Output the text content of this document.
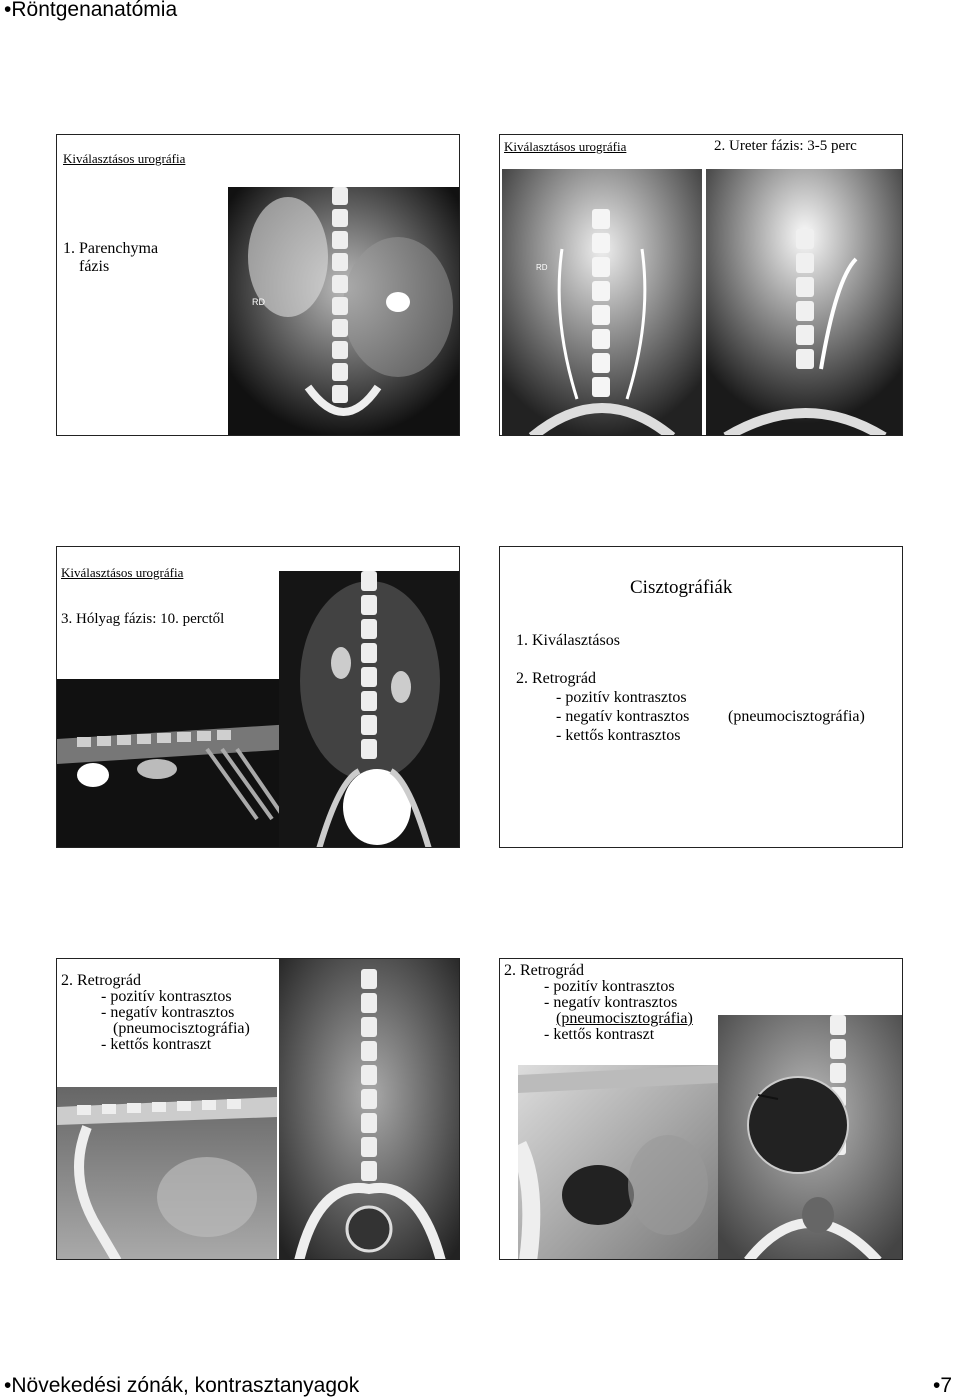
•Röntgenanatómia
Kiválasztásos urográfia
1. Parenchyma
fázis
RD
Kiválasztásos urográfia	2. Ureter fázis: 3-5 perc
RD
Kiválasztásos urográfia
3. Hólyag fázis: 10. perctől
Cisztográfiák
1. Kiválasztásos
2. Retrográd
- pozitív kontrasztos
- negatív kontrasztos (pneumocisztográfia)
- kettős kontrasztos
2. Retrográd
- pozitív kontrasztos
- negatív kontrasztos
(pneumocisztográfia)
- kettős kontraszt
2. Retrográd
- pozitív kontrasztos
- negatív kontrasztos
(pneumocisztográfia)
- kettős kontraszt
•Növekedési zónák, kontrasztanyagok	•7
